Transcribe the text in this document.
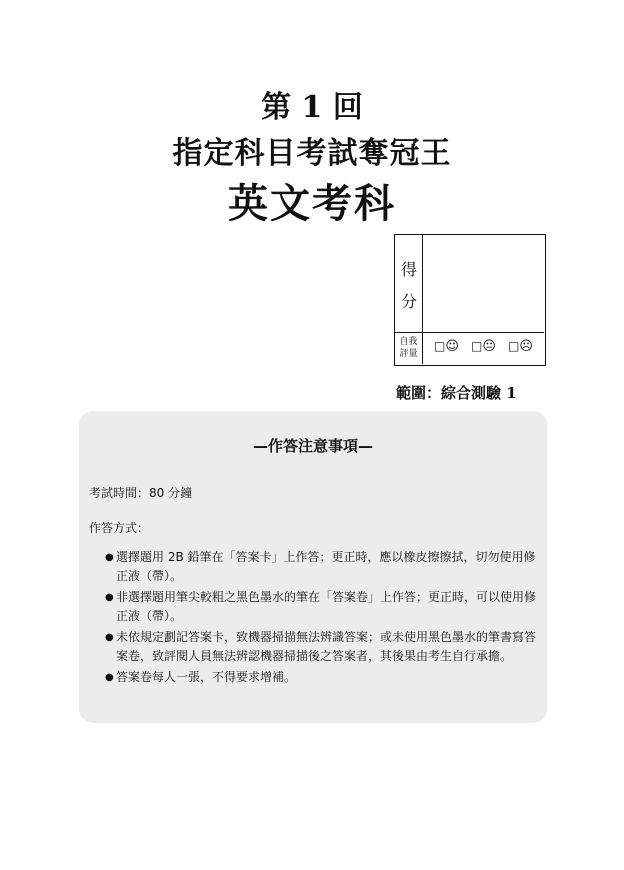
第 1 回
指定科目考試奪冠王
英文考科
得
分
自我
評量
□☺ □😐 □☹
範圍：綜合測驗 1
—作答注意事項—
考試時間：80 分鐘
作答方式：
● 選擇題用 2B 鉛筆在「答案卡」上作答；更正時，應以橡皮擦擦拭，切勿使用修正液（帶）。
● 非選擇題用筆尖較粗之黑色墨水的筆在「答案卷」上作答；更正時，可以使用修正液（帶）。
● 未依規定劃記答案卡，致機器掃描無法辨識答案；或未使用黑色墨水的筆書寫答案卷，致評閱人員無法辨認機器掃描後之答案者，其後果由考生自行承擔。
● 答案卷每人一張，不得要求增補。
